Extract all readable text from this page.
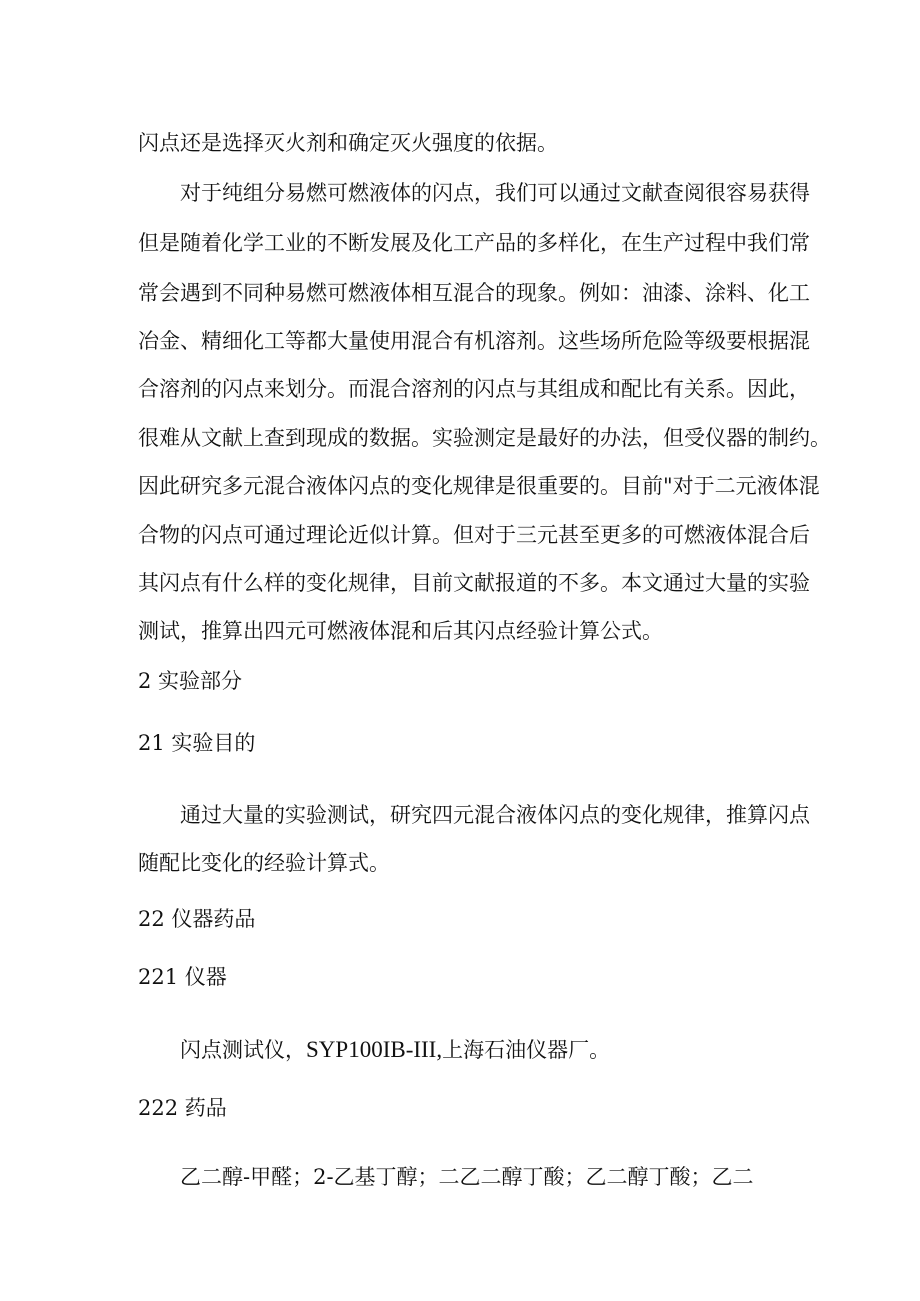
闪点还是选择灭火剂和确定灭火强度的依据。
对于纯组分易燃可燃液体的闪点，我们可以通过文献查阅很容易获得
但是随着化学工业的不断发展及化工产品的多样化，在生产过程中我们常
常会遇到不同种易燃可燃液体相互混合的现象。例如：油漆、涂料、化工
冶金、精细化工等都大量使用混合有机溶剂。这些场所危险等级要根据混
合溶剂的闪点来划分。而混合溶剂的闪点与其组成和配比有关系。因此，
很难从文献上查到现成的数据。实验测定是最好的办法，但受仪器的制约。
因此研究多元混合液体闪点的变化规律是很重要的。目前"对于二元液体混
合物的闪点可通过理论近似计算。但对于三元甚至更多的可燃液体混合后
其闪点有什么样的变化规律，目前文献报道的不多。本文通过大量的实验
测试，推算出四元可燃液体混和后其闪点经验计算公式。
2 实验部分
21 实验目的
通过大量的实验测试，研究四元混合液体闪点的变化规律，推算闪点
随配比变化的经验计算式。
22 仪器药品
221 仪器
闪点测试仪，SYP100IB-III,上海石油仪器厂。
222 药品
乙二醇-甲醛；2-乙基丁醇；二乙二醇丁酸；乙二醇丁酸；乙二
